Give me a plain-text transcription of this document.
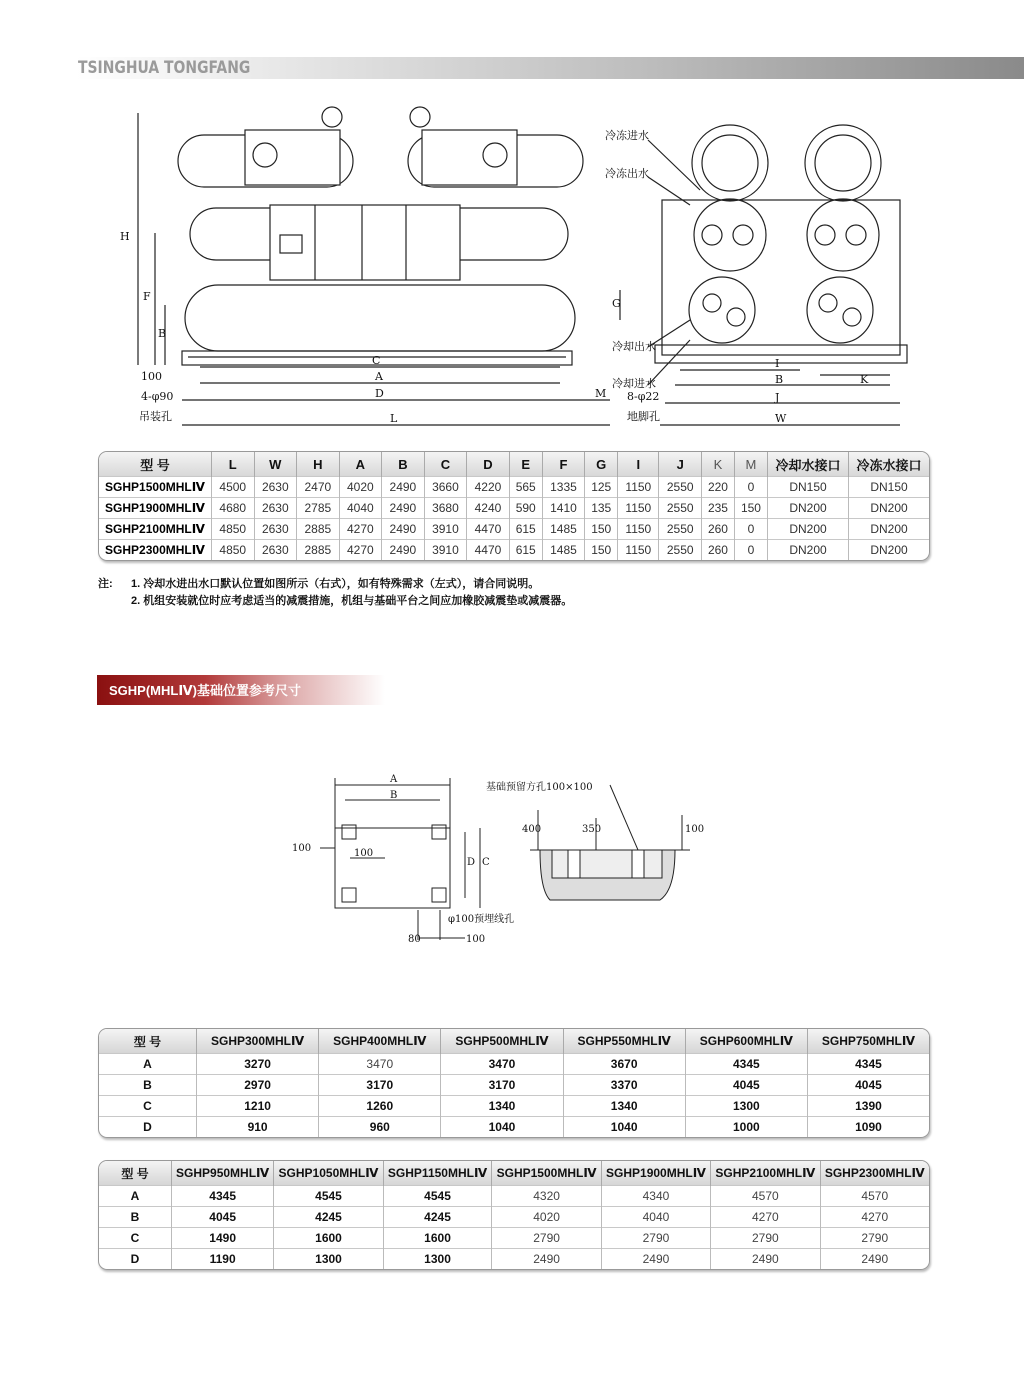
TSINGHUA TONGFANG
H
F
B
G
C
A
D
L
M
100
4-φ90
吊装孔
8-φ22
地脚孔
冷冻进水
冷冻出水
冷却出水
冷却进水
I
B
J
W
K
型 号	L	W	H	A	B	C	D	E	F	G	I	J	K	M	冷却水接口	冷冻水接口
SGHP1500MHLⅣ	4500	2630	2470	4020	2490	3660	4220	565	1335	125	1150	2550	220	0	DN150	DN150
SGHP1900MHLⅣ	4680	2630	2785	4040	2490	3680	4240	590	1410	135	1150	2550	235	150	DN200	DN200
SGHP2100MHLⅣ	4850	2630	2885	4270	2490	3910	4470	615	1485	150	1150	2550	260	0	DN200	DN200
SGHP2300MHLⅣ	4850	2630	2885	4270	2490	3910	4470	615	1485	150	1150	2550	260	0	DN200	DN200
注: 1. 冷却水进出水口默认位置如图所示（右式），如有特殊需求（左式），请合同说明。
2. 机组安装就位时应考虑适当的减震措施，机组与基础平台之间应加橡胶减震垫或减震器。
SGHP(MHLⅣ)基础位置参考尺寸
A
B
C
D
100	100
100
80
φ100预埋线孔
基础预留方孔100×100
400	350	100
型 号	SGHP300MHLⅣ	SGHP400MHLⅣ	SGHP500MHLⅣ	SGHP550MHLⅣ	SGHP600MHLⅣ	SGHP750MHLⅣ
A	3270	3470	3470	3670	4345	4345
B	2970	3170	3170	3370	4045	4045
C	1210	1260	1340	1340	1300	1390
D	910	960	1040	1040	1000	1090
型 号	SGHP950MHLⅣ	SGHP1050MHLⅣ	SGHP1150MHLⅣ	SGHP1500MHLⅣ	SGHP1900MHLⅣ	SGHP2100MHLⅣ	SGHP2300MHLⅣ
A	4345	4545	4545	4320	4340	4570	4570
B	4045	4245	4245	4020	4040	4270	4270
C	1490	1600	1600	2790	2790	2790	2790
D	1190	1300	1300	2490	2490	2490	2490
